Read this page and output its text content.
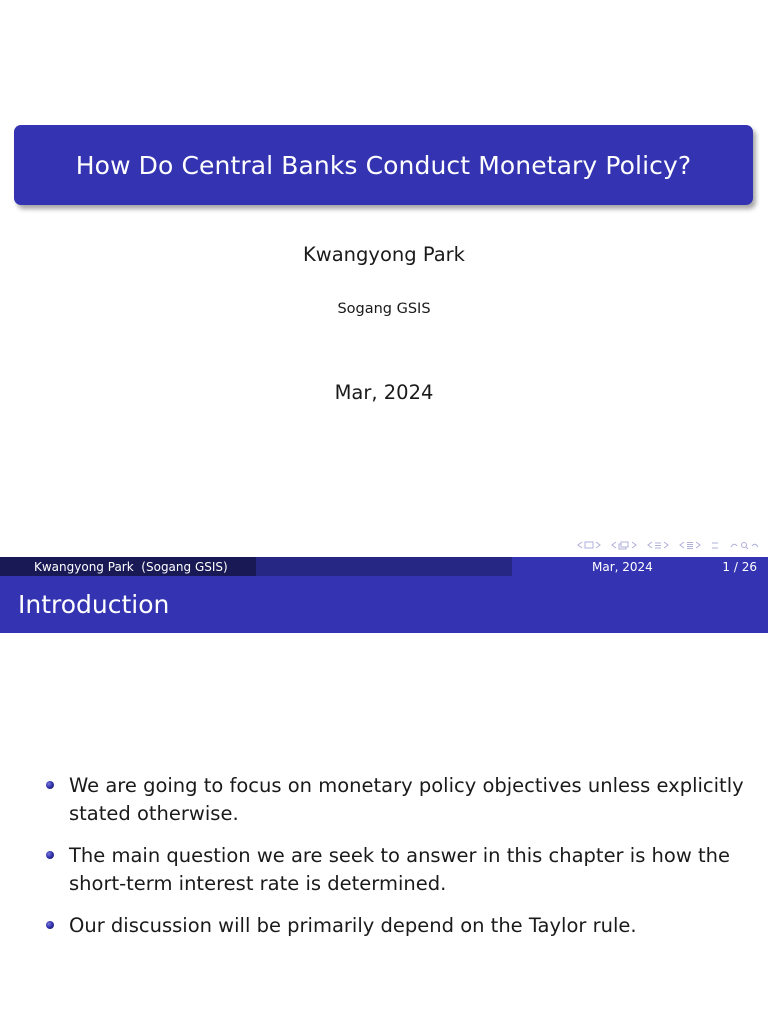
How Do Central Banks Conduct Monetary Policy?
Kwangyong Park
Sogang GSIS
Mar, 2024
Kwangyong Park  (Sogang GSIS)	Mar, 2024	1 / 26
Introduction
We are going to focus on monetary policy objectives unless explicitly stated otherwise.
The main question we are seek to answer in this chapter is how the short-term interest rate is determined.
Our discussion will be primarily depend on the Taylor rule.
